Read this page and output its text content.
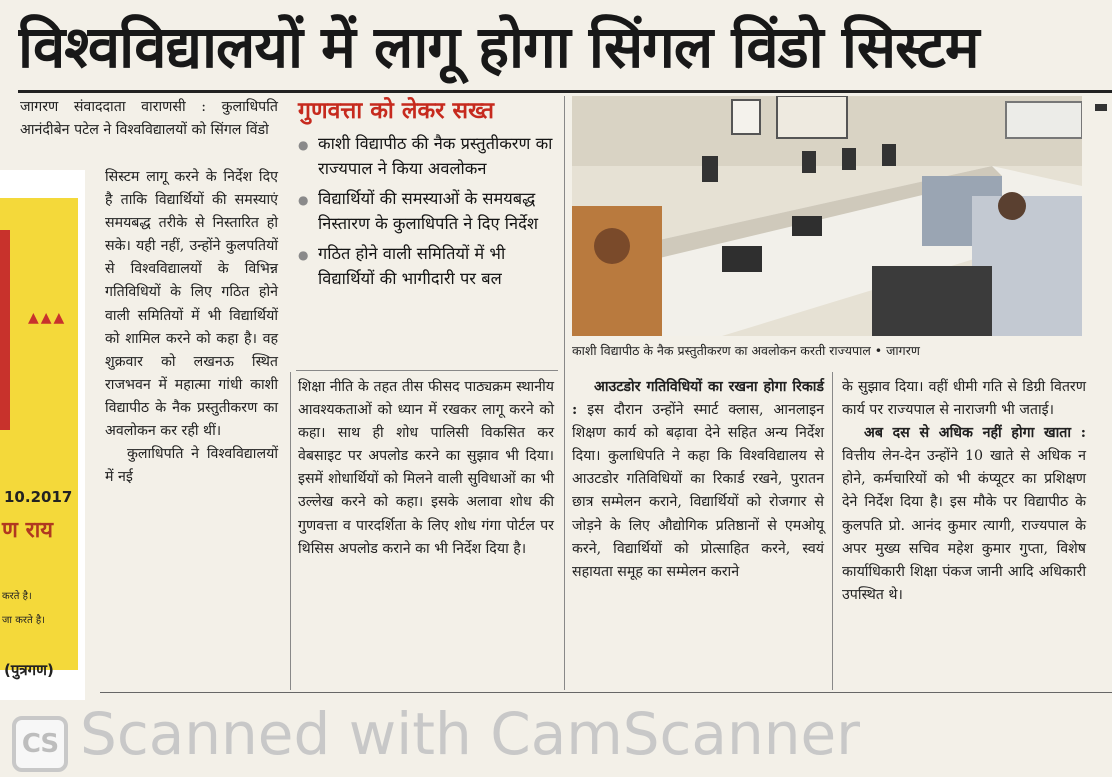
विश्वविद्यालयों में लागू होगा सिंगल विंडो सिस्टम
▲▲▲
10.2017
ण राय
करते है।
जा करते है।
(पुत्रगण)

जागरण संवाददाता वाराणसी : कुलाधिपति आनंदीबेन पटेल ने विश्वविद्यालयों को सिंगल विंडो

सिस्टम लागू करने के निर्देश दिए है ताकि विद्यार्थियों की समस्याएं समयबद्ध तरीके से निस्तारित हो सके। यही नहीं, उन्होंने कुलपतियों से विश्वविद्यालयों के विभिन्न गतिविधियों के लिए गठित होने वाली समितियों में भी विद्यार्थियों को शामिल करने को कहा है। वह शुक्रवार को लखनऊ स्थित राजभवन में महात्मा गांधी काशी विद्यापीठ के नैक प्रस्तुतीकरण का अवलोकन कर रही थीं।

कुलाधिपति ने विश्वविद्यालयों में नई

गुणवत्ता को लेकर सख्त
● काशी विद्यापीठ की नैक प्रस्तुतीकरण का राज्यपाल ने किया अवलोकन
● विद्यार्थियों की समस्याओं के समयबद्ध निस्तारण के कुलाधिपति ने दिए निर्देश
● गठित होने वाली समितियों में भी विद्यार्थियों की भागीदारी पर बल
काशी विद्यापीठ के नैक प्रस्तुतीकरण का अवलोकन करती राज्यपाल • जागरण

शिक्षा नीति के तहत तीस फीसद पाठ्यक्रम स्थानीय आवश्यकताओं को ध्यान में रखकर लागू करने को कहा। साथ ही शोध पालिसी विकसित कर वेबसाइट पर अपलोड करने का सुझाव भी दिया। इसमें शोधार्थियों को मिलने वाली सुविधाओं का भी उल्लेख करने को कहा। इसके अलावा शोध की गुणवत्ता व पारदर्शिता के लिए शोध गंगा पोर्टल पर थिसिस अपलोड कराने का भी निर्देश दिया है।

आउटडोर गतिविधियों का रखना होगा रिकार्ड : इस दौरान उन्होंने स्मार्ट क्लास, आनलाइन शिक्षण कार्य को बढ़ावा देने सहित अन्य निर्देश दिया। कुलाधिपति ने कहा कि विश्वविद्यालय से आउटडोर गतिविधियों का रिकार्ड रखने, पुरातन छात्र सम्मेलन कराने, विद्यार्थियों को रोजगार से जोड़ने के लिए औद्योगिक प्रतिष्ठानों से एमओयू करने, विद्यार्थियों को प्रोत्साहित करने, स्वयं सहायता समूह का सम्मेलन कराने

के सुझाव दिया। वहीं धीमी गति से डिग्री वितरण कार्य पर राज्यपाल से नाराजगी भी जताई।

अब दस से अधिक नहीं होगा खाता : वित्तीय लेन-देन उन्होंने 10 खाते से अधिक न होने, कर्मचारियों को भी कंप्यूटर का प्रशिक्षण देने निर्देश दिया है। इस मौके पर विद्यापीठ के कुलपति प्रो. आनंद कुमार त्यागी, राज्यपाल के अपर मुख्य सचिव महेश कुमार गुप्ता, विशेष कार्याधिकारी शिक्षा पंकज जानी आदि अधिकारी उपस्थित थे।

CS Scanned with CamScanner
